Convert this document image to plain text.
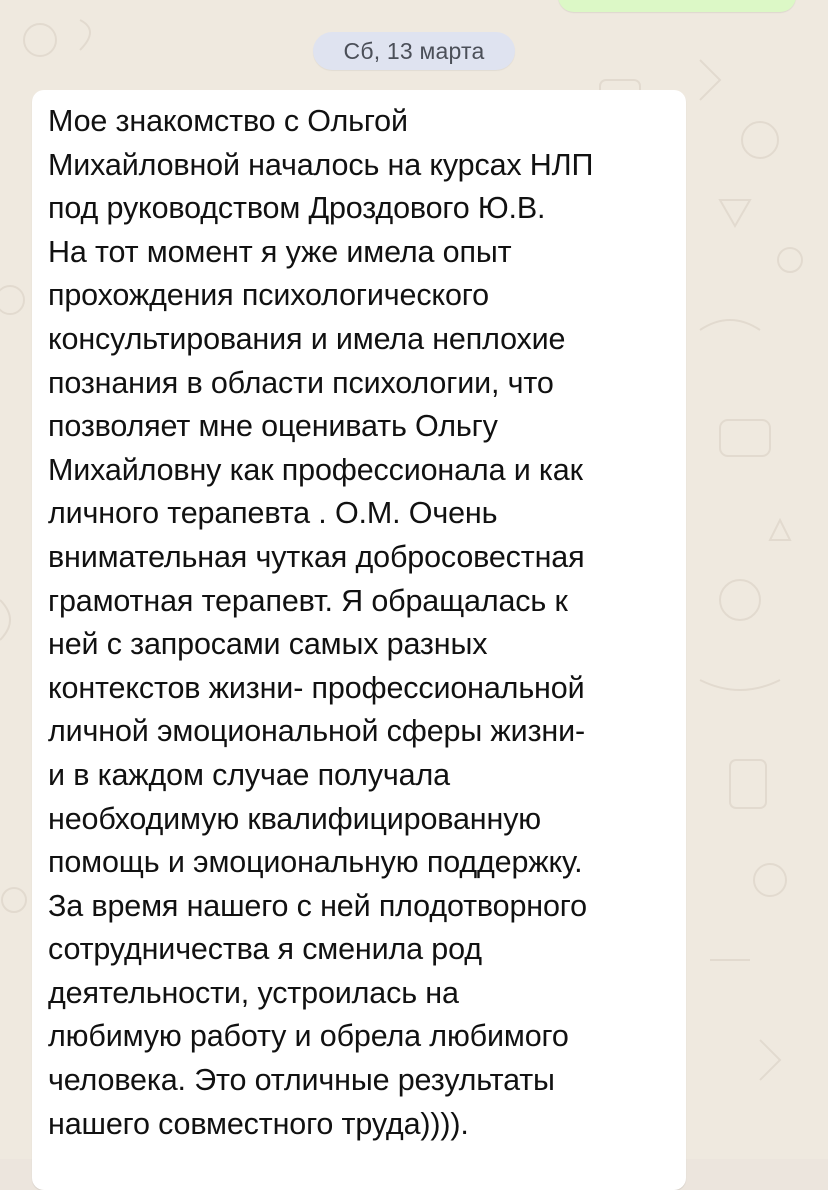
Сб, 13 марта

Мое знакомство с Ольгой
Михайловной началось на курсах НЛП
под руководством Дроздового Ю.В.
На тот момент я уже имела опыт
прохождения психологического
консультирования и имела неплохие
познания в области психологии, что
позволяет мне оценивать Ольгу
Михайловну как профессионала и как
личного терапевта . О.М. Очень
внимательная чуткая добросовестная
грамотная терапевт. Я обращалась к
ней с запросами самых разных
контекстов жизни- профессиональной
личной эмоциональной сферы жизни-
и в каждом случае получала
необходимую квалифицированную
помощь и эмоциональную поддержку.
За время нашего с ней плодотворного
сотрудничества я сменила род
деятельности, устроилась на
любимую работу и обрела любимого
человека. Это отличные результаты
нашего совместного труда)))).
